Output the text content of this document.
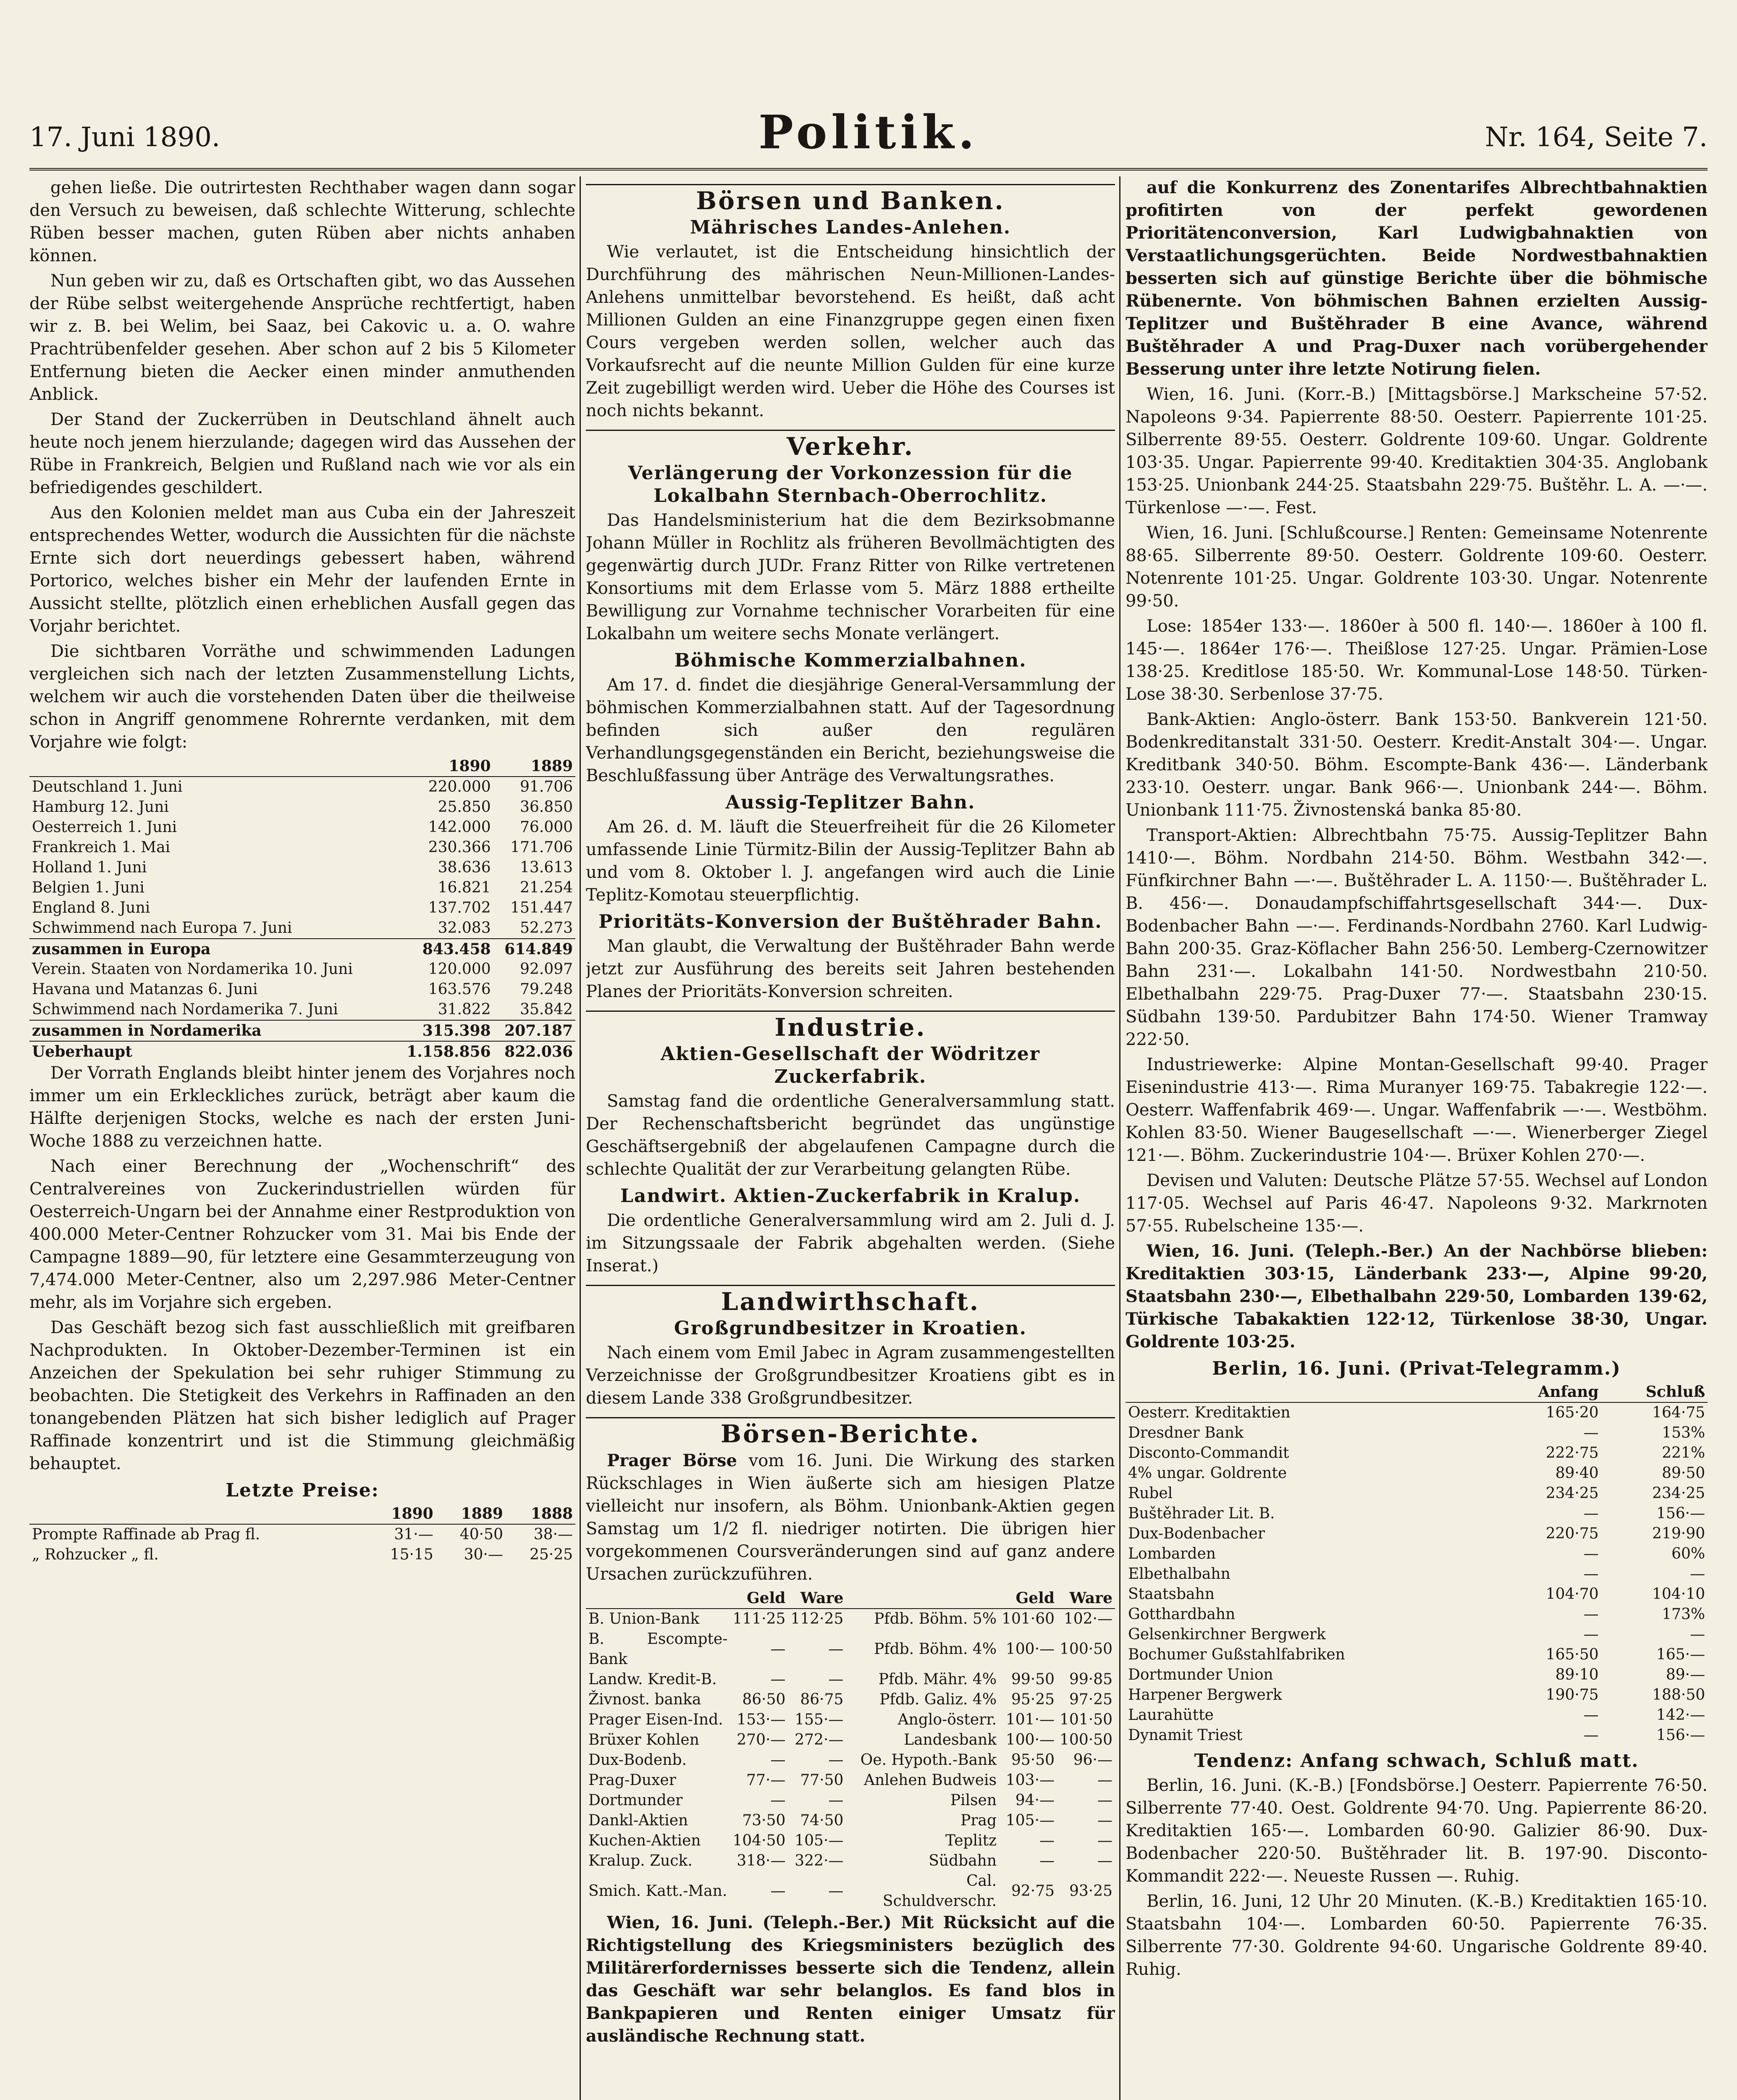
17. Juni 1890.	Politik.	Nr. 164, Seite 7.

gehen ließe. Die outrirtesten Rechthaber wagen dann sogar den Versuch zu beweisen, daß schlechte Witterung, schlechte Rüben besser machen, guten Rüben aber nichts anhaben können.

Nun geben wir zu, daß es Ortschaften gibt, wo das Aussehen der Rübe selbst weitergehende Ansprüche rechtfertigt, haben wir z. B. bei Welim, bei Saaz, bei Cakovic u. a. O. wahre Prachtrübenfelder gesehen. Aber schon auf 2 bis 5 Kilometer Entfernung bieten die Aecker einen minder anmuthenden Anblick.

Der Stand der Zuckerrüben in Deutschland ähnelt auch heute noch jenem hierzulande; dagegen wird das Aussehen der Rübe in Frankreich, Belgien und Rußland nach wie vor als ein befriedigendes geschildert.

Aus den Kolonien meldet man aus Cuba ein der Jahreszeit entsprechendes Wetter, wodurch die Aussichten für die nächste Ernte sich dort neuerdings gebessert haben, während Portorico, welches bisher ein Mehr der laufenden Ernte in Aussicht stellte, plötzlich einen erheblichen Ausfall gegen das Vorjahr berichtet.

Die sichtbaren Vorräthe und schwimmenden Ladungen vergleichen sich nach der letzten Zusammenstellung Lichts, welchem wir auch die vorstehenden Daten über die theilweise schon in Angriff genommene Rohrernte verdanken, mit dem Vorjahre wie folgt:

	1890	1889
Deutschland 1. Juni	220.000	91.706
Hamburg 12. Juni	25.850	36.850
Oesterreich 1. Juni	142.000	76.000
Frankreich 1. Mai	230.366	171.706
Holland 1. Juni	38.636	13.613
Belgien 1. Juni	16.821	21.254
England 8. Juni	137.702	151.447
Schwimmend nach Europa 7. Juni	32.083	52.273
zusammen in Europa	843.458	614.849
Verein. Staaten von Nordamerika 10. Juni	120.000	92.097
Havana und Matanzas 6. Juni	163.576	79.248
Schwimmend nach Nordamerika 7. Juni	31.822	35.842
zusammen in Nordamerika	315.398	207.187
Ueberhaupt	1.158.856	822.036

Der Vorrath Englands bleibt hinter jenem des Vorjahres noch immer um ein Erkleckliches zurück, beträgt aber kaum die Hälfte derjenigen Stocks, welche es nach der ersten Juni-Woche 1888 zu verzeichnen hatte.

Nach einer Berechnung der „Wochenschrift“ des Centralvereines von Zuckerindustriellen würden für Oesterreich-Ungarn bei der Annahme einer Restproduktion von 400.000 Meter-Centner Rohzucker vom 31. Mai bis Ende der Campagne 1889—90, für letztere eine Gesammterzeugung von 7,474.000 Meter-Centner, also um 2,297.986 Meter-Centner mehr, als im Vorjahre sich ergeben.

Das Geschäft bezog sich fast ausschließlich mit greifbaren Nachprodukten. In Oktober-Dezember-Terminen ist ein Anzeichen der Spekulation bei sehr ruhiger Stimmung zu beobachten. Die Stetigkeit des Verkehrs in Raffinaden an den tonangebenden Plätzen hat sich bisher lediglich auf Prager Raffinade konzentrirt und ist die Stimmung gleichmäßig behauptet.

Letzte Preise:
	1890	1889	1888
Prompte Raffinade ab Prag fl.	31·—	40·50	38·—
„ Rohzucker „ fl.	15·15	30·—	25·25
Börsen und Banken.
Mährisches Landes-Anlehen.

Wie verlautet, ist die Entscheidung hinsichtlich der Durchführung des mährischen Neun-Millionen-Landes-Anlehens unmittelbar bevorstehend. Es heißt, daß acht Millionen Gulden an eine Finanzgruppe gegen einen fixen Cours vergeben werden sollen, welcher auch das Vorkaufsrecht auf die neunte Million Gulden für eine kurze Zeit zugebilligt werden wird. Ueber die Höhe des Courses ist noch nichts bekannt.

Verkehr.
Verlängerung der Vorkonzession für die Lokalbahn Sternbach-Oberrochlitz.

Das Handelsministerium hat die dem Bezirksobmanne Johann Müller in Rochlitz als früheren Bevollmächtigten des gegenwärtig durch JUDr. Franz Ritter von Rilke vertretenen Konsortiums mit dem Erlasse vom 5. März 1888 ertheilte Bewilligung zur Vornahme technischer Vorarbeiten für eine Lokalbahn um weitere sechs Monate verlängert.

Böhmische Kommerzialbahnen.

Am 17. d. findet die diesjährige General-Versammlung der böhmischen Kommerzialbahnen statt. Auf der Tagesordnung befinden sich außer den regulären Verhandlungsgegenständen ein Bericht, beziehungsweise die Beschlußfassung über Anträge des Verwaltungsrathes.

Aussig-Teplitzer Bahn.

Am 26. d. M. läuft die Steuerfreiheit für die 26 Kilometer umfassende Linie Türmitz-Bilin der Aussig-Teplitzer Bahn ab und vom 8. Oktober l. J. angefangen wird auch die Linie Teplitz-Komotau steuerpflichtig.

Prioritäts-Konversion der Buštěhrader Bahn.

Man glaubt, die Verwaltung der Buštěhrader Bahn werde jetzt zur Ausführung des bereits seit Jahren bestehenden Planes der Prioritäts-Konversion schreiten.

Industrie.
Aktien-Gesellschaft der Wödritzer Zuckerfabrik.

Samstag fand die ordentliche Generalversammlung statt. Der Rechenschaftsbericht begründet das ungünstige Geschäftsergebniß der abgelaufenen Campagne durch die schlechte Qualität der zur Verarbeitung gelangten Rübe.

Landwirt. Aktien-Zuckerfabrik in Kralup.

Die ordentliche Generalversammlung wird am 2. Juli d. J. im Sitzungssaale der Fabrik abgehalten werden. (Siehe Inserat.)

Landwirthschaft.
Großgrundbesitzer in Kroatien.

Nach einem vom Emil Jabec in Agram zusammengestellten Verzeichnisse der Großgrundbesitzer Kroatiens gibt es in diesem Lande 338 Großgrundbesitzer.

Börsen-Berichte.

Prager Börse vom 16. Juni. Die Wirkung des starken Rückschlages in Wien äußerte sich am hiesigen Platze vielleicht nur insofern, als Böhm. Unionbank-Aktien gegen Samstag um 1/2 fl. niedriger notirten. Die übrigen hier vorgekommenen Coursveränderungen sind auf ganz andere Ursachen zurückzuführen.

	Geld	Ware		Geld	Ware
B. Union-Bank	111·25	112·25	Pfdb. Böhm. 5%	101·60	102·—
B. Escompte-Bank	—	—	Pfdb. Böhm. 4%	100·—	100·50
Landw. Kredit-B.	—	—	Pfdb. Mähr. 4%	99·50	99·85
Živnost. banka	86·50	86·75	Pfdb. Galiz. 4%	95·25	97·25
Prager Eisen-Ind.	153·—	155·—	Anglo-österr.	101·—	101·50
Brüxer Kohlen	270·—	272·—	Landesbank	100·—	100·50
Dux-Bodenb.	—	—	Oe. Hypoth.-Bank	95·50	96·—
Prag-Duxer	77·—	77·50	Anlehen Budweis	103·—	—
Dortmunder	—	—	Pilsen	94·—	—
Dankl-Aktien	73·50	74·50	Prag	105·—	—
Kuchen-Aktien	104·50	105·—	Teplitz	—	—
Kralup. Zuck.	318·—	322·—	Südbahn	—	—
Smich. Katt.-Man.	—	—	Cal. Schuldverschr.	92·75	93·25

Wien, 16. Juni. (Teleph.-Ber.) Mit Rücksicht auf die Richtigstellung des Kriegsministers bezüglich des Militärerfordernisses besserte sich die Tendenz, allein das Geschäft war sehr belanglos. Es fand blos in Bankpapieren und Renten einiger Umsatz für ausländische Rechnung statt.

auf die Konkurrenz des Zonentarifes Albrechtbahnaktien profitirten von der perfekt gewordenen Prioritätenconversion, Karl Ludwigbahnaktien von Verstaatlichungsgerüchten. Beide Nordwestbahnaktien besserten sich auf günstige Berichte über die böhmische Rübenernte. Von böhmischen Bahnen erzielten Aussig-Teplitzer und Buštěhrader B eine Avance, während Buštěhrader A und Prag-Duxer nach vorübergehender Besserung unter ihre letzte Notirung fielen.

Wien, 16. Juni. (Korr.-B.) [Mittagsbörse.] Markscheine 57·52. Napoleons 9·34. Papierrente 88·50. Oesterr. Papierrente 101·25. Silberrente 89·55. Oesterr. Goldrente 109·60. Ungar. Goldrente 103·35. Ungar. Papierrente 99·40. Kreditaktien 304·35. Anglobank 153·25. Unionbank 244·25. Staatsbahn 229·75. Buštěhr. L. A. —·—. Türkenlose —·—. Fest.

Wien, 16. Juni. [Schlußcourse.] Renten: Gemeinsame Notenrente 88·65. Silberrente 89·50. Oesterr. Goldrente 109·60. Oesterr. Notenrente 101·25. Ungar. Goldrente 103·30. Ungar. Notenrente 99·50.

Lose: 1854er 133·—. 1860er à 500 fl. 140·—. 1860er à 100 fl. 145·—. 1864er 176·—. Theißlose 127·25. Ungar. Prämien-Lose 138·25. Kreditlose 185·50. Wr. Kommunal-Lose 148·50. Türken-Lose 38·30. Serbenlose 37·75.

Bank-Aktien: Anglo-österr. Bank 153·50. Bankverein 121·50. Bodenkreditanstalt 331·50. Oesterr. Kredit-Anstalt 304·—. Ungar. Kreditbank 340·50. Böhm. Escompte-Bank 436·—. Länderbank 233·10. Oesterr. ungar. Bank 966·—. Unionbank 244·—. Böhm. Unionbank 111·75. Živnostenská banka 85·80.

Transport-Aktien: Albrechtbahn 75·75. Aussig-Teplitzer Bahn 1410·—. Böhm. Nordbahn 214·50. Böhm. Westbahn 342·—. Fünfkirchner Bahn —·—. Buštěhrader L. A. 1150·—. Buštěhrader L. B. 456·—. Donaudampfschiffahrtsgesellschaft 344·—. Dux-Bodenbacher Bahn —·—. Ferdinands-Nordbahn 2760. Karl Ludwig-Bahn 200·35. Graz-Köflacher Bahn 256·50. Lemberg-Czernowitzer Bahn 231·—. Lokalbahn 141·50. Nordwestbahn 210·50. Elbethalbahn 229·75. Prag-Duxer 77·—. Staatsbahn 230·15. Südbahn 139·50. Pardubitzer Bahn 174·50. Wiener Tramway 222·50.

Industriewerke: Alpine Montan-Gesellschaft 99·40. Prager Eisenindustrie 413·—. Rima Muranyer 169·75. Tabakregie 122·—. Oesterr. Waffenfabrik 469·—. Ungar. Waffenfabrik —·—. Westböhm. Kohlen 83·50. Wiener Baugesellschaft —·—. Wienerberger Ziegel 121·—. Böhm. Zuckerindustrie 104·—. Brüxer Kohlen 270·—.

Devisen und Valuten: Deutsche Plätze 57·55. Wechsel auf London 117·05. Wechsel auf Paris 46·47. Napoleons 9·32. Markrnoten 57·55. Rubelscheine 135·—.

Wien, 16. Juni. (Teleph.-Ber.) An der Nachbörse blieben: Kreditaktien 303·15, Länderbank 233·—, Alpine 99·20, Staatsbahn 230·—, Elbethalbahn 229·50, Lombarden 139·62, Türkische Tabakaktien 122·12, Türkenlose 38·30, Ungar. Goldrente 103·25.

Berlin, 16. Juni. (Privat-Telegramm.)
	Anfang	Schluß
Oesterr. Kreditaktien	165·20	164·75
Dresdner Bank	—	153%
Disconto-Commandit	222·75	221%
4% ungar. Goldrente	89·40	89·50
Rubel	234·25	234·25
Buštěhrader Lit. B.	—	156·—
Dux-Bodenbacher	220·75	219·90
Lombarden	—	60%
Elbethalbahn	—	—
Staatsbahn	104·70	104·10
Gotthardbahn	—	173%
Gelsenkirchner Bergwerk	—	—
Bochumer Gußstahlfabriken	165·50	165·—
Dortmunder Union	89·10	89·—
Harpener Bergwerk	190·75	188·50
Laurahütte	—	142·—
Dynamit Triest	—	156·—
Tendenz: Anfang schwach, Schluß matt.

Berlin, 16. Juni. (K.-B.) [Fondsbörse.] Oesterr. Papierrente 76·50. Silberrente 77·40. Oest. Goldrente 94·70. Ung. Papierrente 86·20. Kreditaktien 165·—. Lombarden 60·90. Galizier 86·90. Dux-Bodenbacher 220·50. Buštěhrader lit. B. 197·90. Disconto-Kommandit 222·—. Neueste Russen —. Ruhig.

Berlin, 16. Juni, 12 Uhr 20 Minuten. (K.-B.) Kreditaktien 165·10. Staatsbahn 104·—. Lombarden 60·50. Papierrente 76·35. Silberrente 77·30. Goldrente 94·60. Ungarische Goldrente 89·40. Ruhig.
